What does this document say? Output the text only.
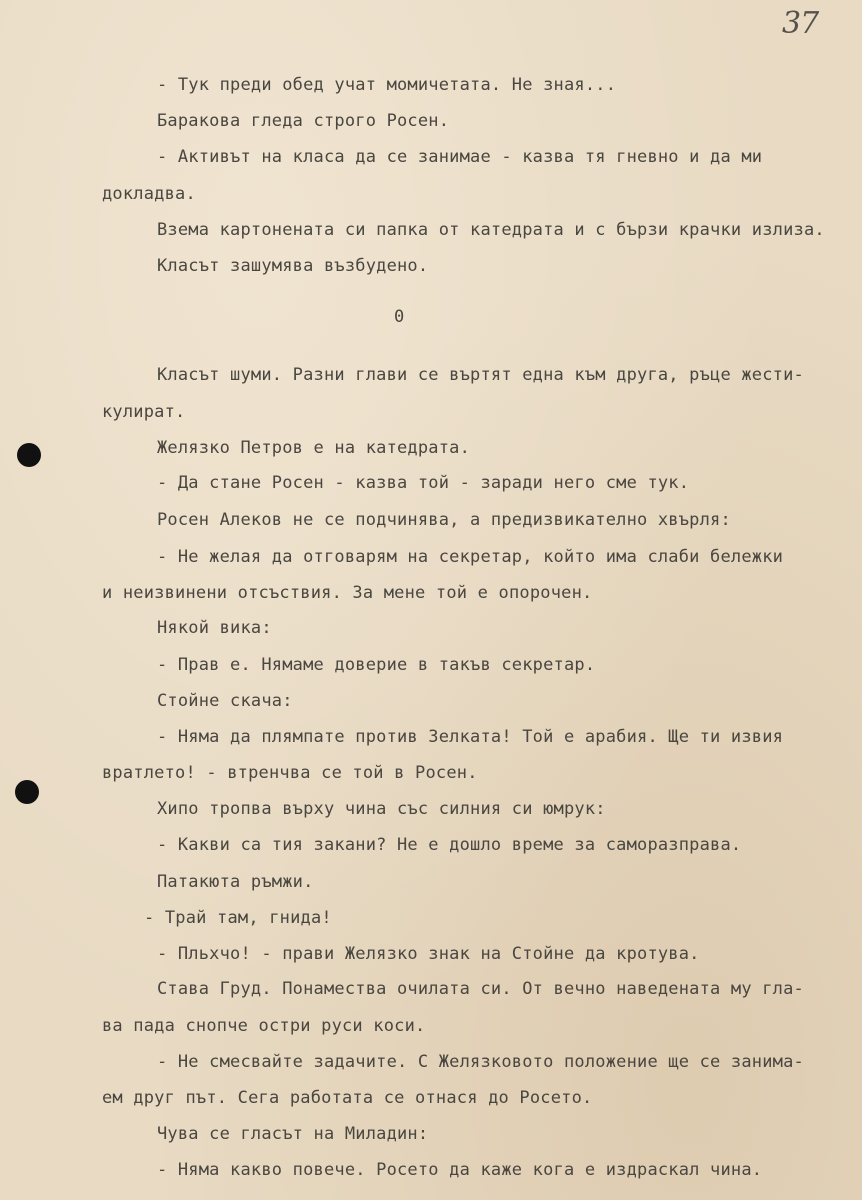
37
- Тук преди обед учат момичетата. Не зная...
Баракова гледа строго Росен.
- Активът на класа да се занимае - казва тя гневно и да ми
докладва.
Взема картонената си папка от катедрата и с бързи крачки излиза.
Класът зашумява възбудено.
0
Класът шуми. Разни глави се въртят една към друга, ръце жести-
кулират.
Желязко Петров е на катедрата.
- Да стане Росен - казва той - заради него сме тук.
Росен Алеков не се подчинява, а предизвикателно хвърля:
- Не желая да отговарям на секретар, който има слаби бележки
и неизвинени отсъствия. За мене той е опорочен.
Някой вика:
- Прав е. Нямаме доверие в такъв секретар.
Стойне скача:
- Няма да плямпате против Зелката! Той е арабия. Ще ти извия
вратлето! - втренчва се той в Росен.
Хипо тропва върху чина със силния си юмрук:
- Какви са тия закани? Не е дошло време за саморазправа.
Патакюта ръмжи.
- Трай там, гнида!
- Пльхчо! - прави Желязко знак на Стойне да кротува.
Става Груд. Понамества очилата си. От вечно наведената му гла-
ва пада снопче остри руси коси.
- Не смесвайте задачите. С Желязковото положение ще се занима-
ем друг път. Сега работата се отнася до Росето.
Чува се гласът на Миладин:
- Няма какво повече. Росето да каже кога е издраскал чина.
